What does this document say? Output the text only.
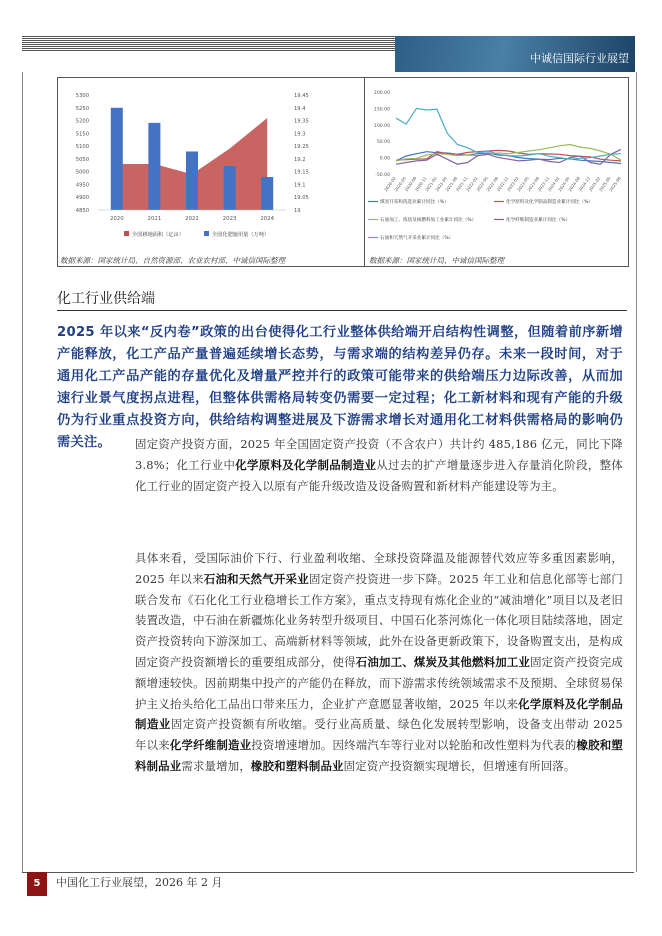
中诚信国际行业展望
5300
5250
5200
5150
5100
5050
5000
4950
4900
4850
19.45
19.4
19.35
19.3
19.25
19.2
19.15
19.1
19.05
19
2020	2021	2022	2023	2024
全国耕地面积（亿亩）	全国化肥施用量（万吨）
200.00
150.00
100.00
50.00
0.00
-50.00
2020-02
2020-05
2020-08
2020-11
2021-02
2021-05
2021-08
2021-11
2022-02
2022-05
2022-08
2022-11
2023-02
2023-05
2023-08
2023-11
2024-02
2024-05
2024-08
2024-11
2025-02
2025-05
2025-08
煤炭开采和洗选业累计同比（%）	化学原料及化学制品制造业累计同比（%）
石油加工、炼焦及核燃料加工业累计同比（%）	化学纤维制造业累计同比（%）
石油和天然气开采业累计同比（%）
数据来源：国家统计局、自然资源部、农业农村部，中诚信国际整理	数据来源：国家统计局，中诚信国际整理
化工行业供给端
2025 年以来“反内卷”政策的出台使得化工行业整体供给端开启结构性调整，但随着前序新增产能释放，化工产品产量普遍延续增长态势，与需求端的结构差异仍存。未来一段时间，对于通用化工产品产能的存量优化及增量严控并行的政策可能带来的供给端压力边际改善，从而加速行业景气度拐点进程，但整体供需格局转变仍需要一定过程；化工新材料和现有产能的升级仍为行业重点投资方向，供给结构调整进展及下游需求增长对通用化工材料供需格局的影响仍需关注。	固定资产投资方面，2025 年全国固定资产投资（不含农户）共计约 485,186 亿元，同比下降 3.8%；化工行业中化学原料及化学制品制造业从过去的扩产增量逐步进入存量消化阶段，整体化工行业的固定资产投入以原有产能升级改造及设备购置和新材料产能建设等为主。
具体来看，受国际油价下行、行业盈利收缩、全球投资降温及能源替代效应等多重因素影响，2025 年以来石油和天然气开采业固定资产投资进一步下降。2025 年工业和信息化部等七部门联合发布《石化化工行业稳增长工作方案》，重点支持现有炼化企业的“减油增化”项目以及老旧装置改造，中石油在新疆炼化业务转型升级项目、中国石化茶河炼化一体化项目陆续落地，固定资产投资转向下游深加工、高端新材料等领域，此外在设备更新政策下，设备购置支出，是构成固定资产投资额增长的重要组成部分，使得石油加工、煤炭及其他燃料加工业固定资产投资完成额增速较快。因前期集中投产的产能仍在释放，而下游需求传统领域需求不及预期、全球贸易保护主义抬头给化工品出口带来压力，企业扩产意愿显著收缩，2025 年以来化学原料及化学制品制造业固定资产投资额有所收缩。受行业高质量、绿色化发展转型影响，设备支出带动 2025 年以来化学纤维制造业投资增速增加。因终端汽车等行业对以轮胎和改性塑料为代表的橡胶和塑料制品业需求量增加，橡胶和塑料制品业固定资产投资额实现增长，但增速有所回落。
5	中国化工行业展望，2026 年 2 月
